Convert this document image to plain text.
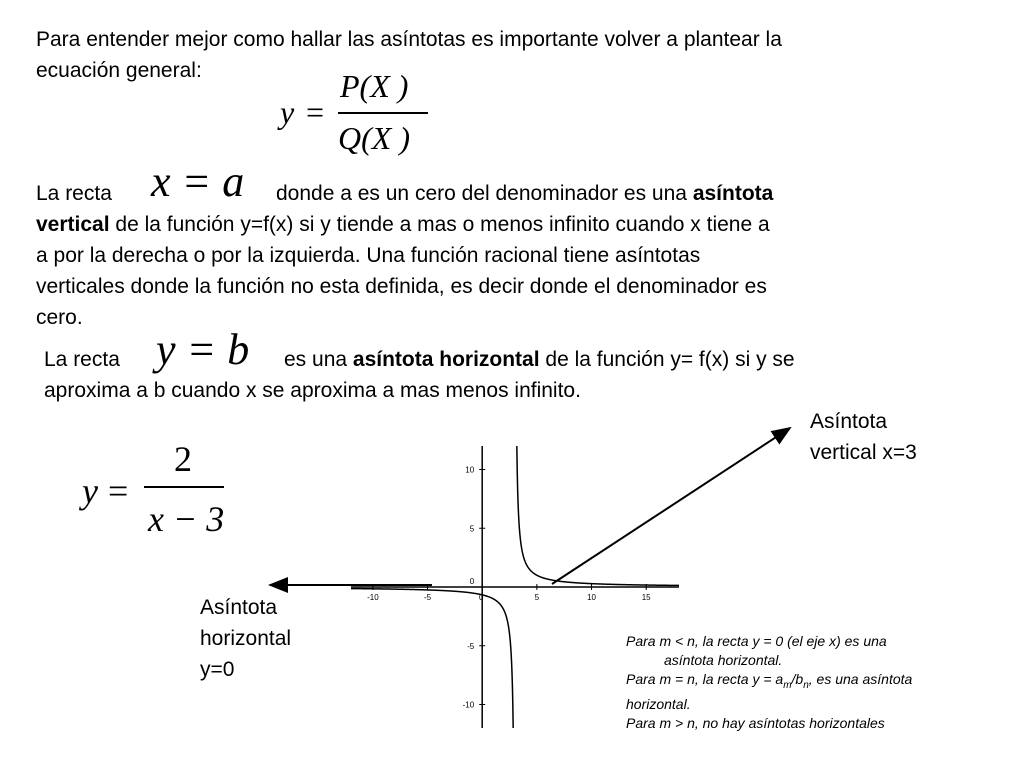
Para entender mejor como hallar las asíntotas es importante volver a plantear la
ecuación general:
y =
P(X )
Q(X )
La recta x = a donde a es un cero del denominador es una asíntota
vertical de la función y=f(x) si y tiende a mas o menos infinito cuando x tiene a
a por la derecha o por la izquierda. Una función racional tiene asíntotas
verticales donde la función no esta definida, es decir donde el denominador es
cero.
La recta y = b es una asíntota horizontal de la función y= f(x) si y se
aproxima a b cuando x se aproxima a mas menos infinito.
y =
2
x − 3
Asíntota
vertical x=3
Asíntota
horizontal
y=0
-10	-5	0	5	10	15
10
5
0
-5
-10
Para m < n, la recta y = 0 (el eje x) es una
asíntota horizontal.
Para m = n, la recta $y = a_m/b_n$, es una asíntota
horizontal.
Para m > n, no hay asíntotas horizontales
